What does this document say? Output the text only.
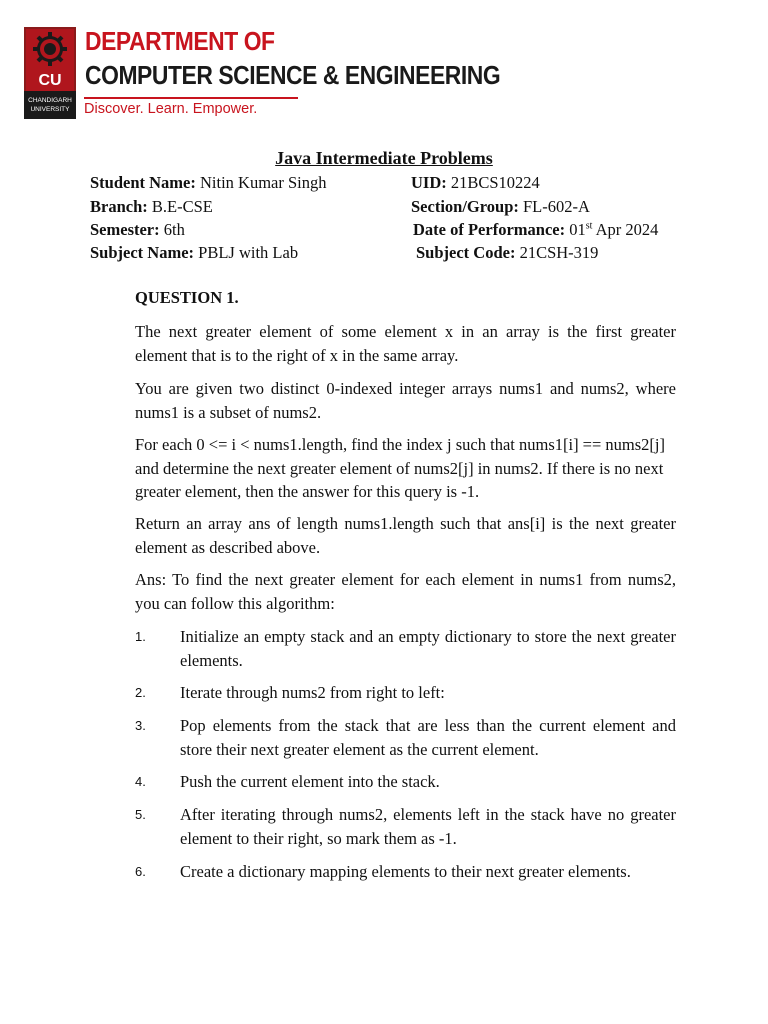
CU
CHANDIGARH
UNIVERSITY
DEPARTMENT OF
COMPUTER SCIENCE & ENGINEERING
Discover. Learn. Empower.
Java Intermediate Problems
Student Name: Nitin Kumar Singh	UID: 21BCS10224
Branch: B.E-CSE	Section/Group: FL-602-A
Semester: 6th	Date of Performance: 01st Apr 2024
Subject Name: PBLJ with Lab	Subject Code: 21CSH-319
QUESTION 1.
The next greater element of some element x in an array is the first greater element that is to the right of x in the same array.
You are given two distinct 0-indexed integer arrays nums1 and nums2, where nums1 is a subset of nums2.
For each 0 <= i < nums1.length, find the index j such that nums1[i] == nums2[j] and determine the next greater element of nums2[j] in nums2. If there is no next greater element, then the answer for this query is -1.
Return an array ans of length nums1.length such that ans[i] is the next greater element as described above.
Ans: To find the next greater element for each element in nums1 from nums2, you can follow this algorithm:
1. Initialize an empty stack and an empty dictionary to store the next greater elements.
2. Iterate through nums2 from right to left:
3. Pop elements from the stack that are less than the current element and store their next greater element as the current element.
4. Push the current element into the stack.
5. After iterating through nums2, elements left in the stack have no greater element to their right, so mark them as -1.
6. Create a dictionary mapping elements to their next greater elements.
